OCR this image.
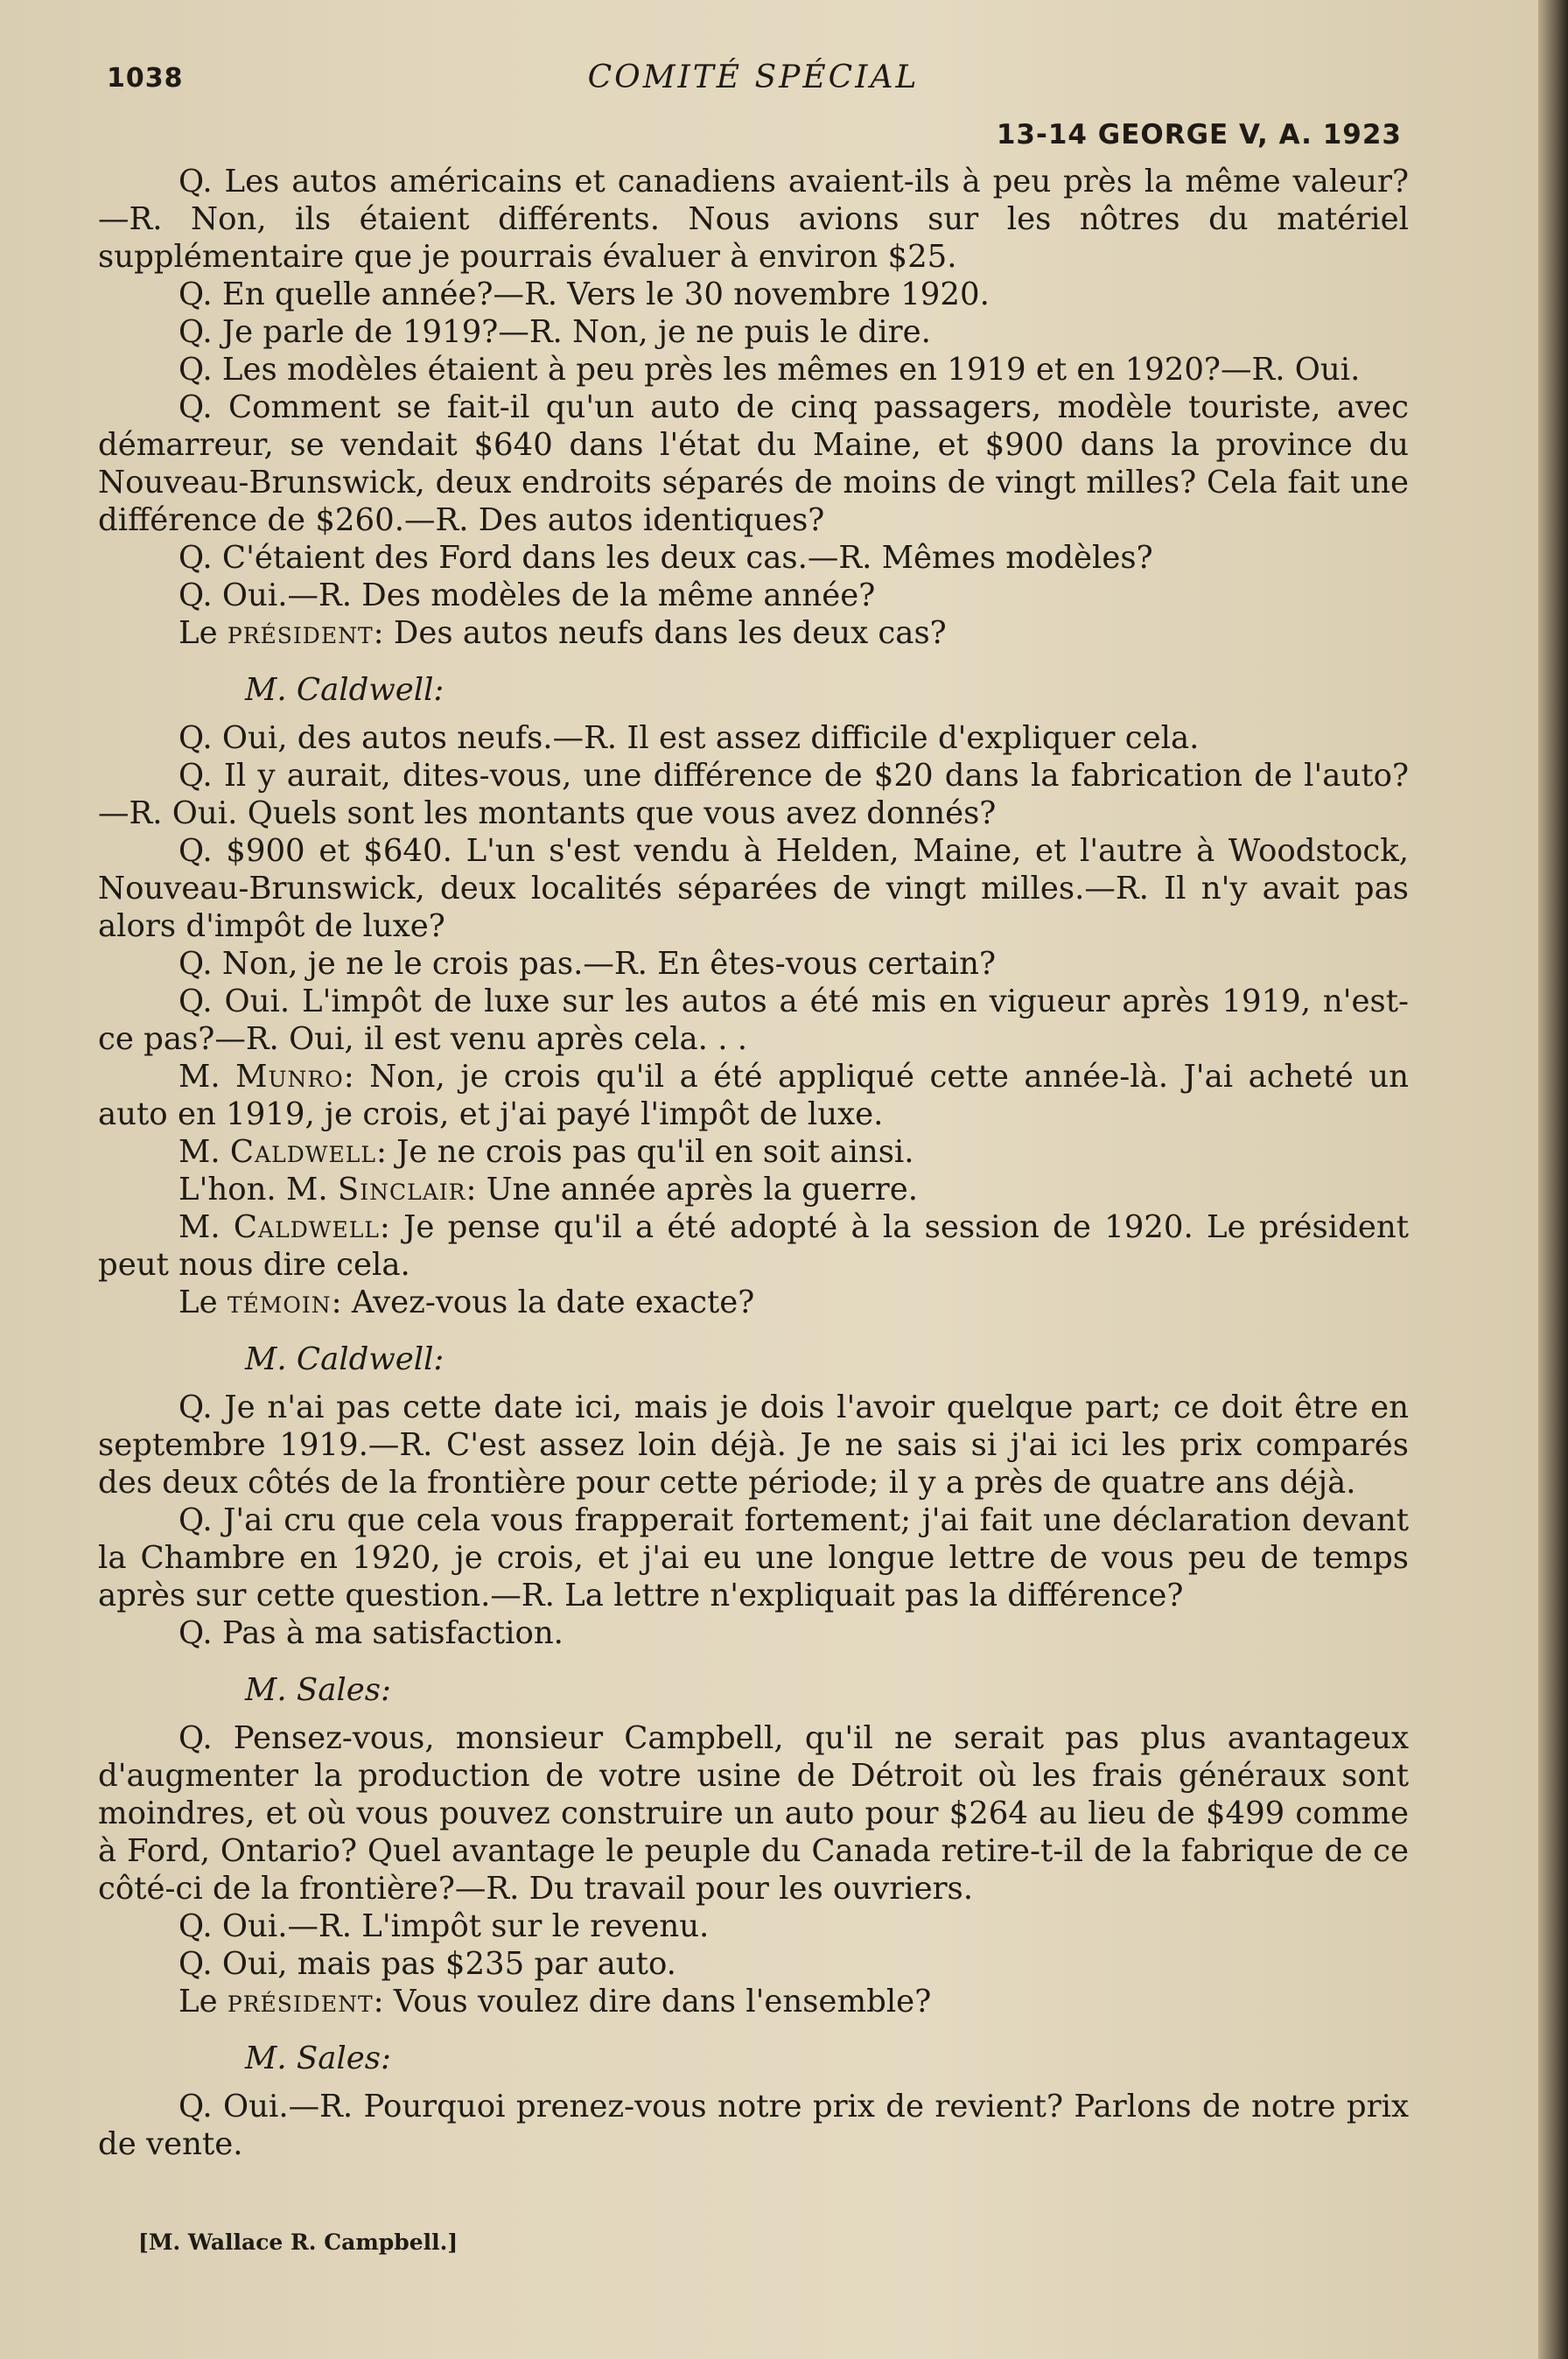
1038	COMITÉ SPÉCIAL
13-14 GEORGE V, A. 1923

Q. Les autos américains et canadiens avaient-ils à peu près la même valeur? —R. Non, ils étaient différents. Nous avions sur les nôtres du matériel supplémentaire que je pourrais évaluer à environ $25.

Q. En quelle année?—R. Vers le 30 novembre 1920.

Q. Je parle de 1919?—R. Non, je ne puis le dire.

Q. Les modèles étaient à peu près les mêmes en 1919 et en 1920?—R. Oui.

Q. Comment se fait-il qu'un auto de cinq passagers, modèle touriste, avec démarreur, se vendait $640 dans l'état du Maine, et $900 dans la province du Nouveau-Brunswick, deux endroits séparés de moins de vingt milles? Cela fait une différence de $260.—R. Des autos identiques?

Q. C'étaient des Ford dans les deux cas.—R. Mêmes modèles?

Q. Oui.—R. Des modèles de la même année?

Le président: Des autos neufs dans les deux cas?

M. Caldwell:

Q. Oui, des autos neufs.—R. Il est assez difficile d'expliquer cela.

Q. Il y aurait, dites-vous, une différence de $20 dans la fabrication de l'auto? —R. Oui. Quels sont les montants que vous avez donnés?

Q. $900 et $640. L'un s'est vendu à Helden, Maine, et l'autre à Woodstock, Nouveau-Brunswick, deux localités séparées de vingt milles.—R. Il n'y avait pas alors d'impôt de luxe?

Q. Non, je ne le crois pas.—R. En êtes-vous certain?

Q. Oui. L'impôt de luxe sur les autos a été mis en vigueur après 1919, n'est-ce pas?—R. Oui, il est venu après cela. . .

M. Munro: Non, je crois qu'il a été appliqué cette année-là. J'ai acheté un auto en 1919, je crois, et j'ai payé l'impôt de luxe.

M. Caldwell: Je ne crois pas qu'il en soit ainsi.

L'hon. M. Sinclair: Une année après la guerre.

M. Caldwell: Je pense qu'il a été adopté à la session de 1920. Le président peut nous dire cela.

Le témoin: Avez-vous la date exacte?

M. Caldwell:

Q. Je n'ai pas cette date ici, mais je dois l'avoir quelque part; ce doit être en septembre 1919.—R. C'est assez loin déjà. Je ne sais si j'ai ici les prix comparés des deux côtés de la frontière pour cette période; il y a près de quatre ans déjà.

Q. J'ai cru que cela vous frapperait fortement; j'ai fait une déclaration devant la Chambre en 1920, je crois, et j'ai eu une longue lettre de vous peu de temps après sur cette question.—R. La lettre n'expliquait pas la différence?

Q. Pas à ma satisfaction.

M. Sales:

Q. Pensez-vous, monsieur Campbell, qu'il ne serait pas plus avantageux d'augmenter la production de votre usine de Détroit où les frais généraux sont moindres, et où vous pouvez construire un auto pour $264 au lieu de $499 comme à Ford, Ontario? Quel avantage le peuple du Canada retire-t-il de la fabrique de ce côté-ci de la frontière?—R. Du travail pour les ouvriers.

Q. Oui.—R. L'impôt sur le revenu.

Q. Oui, mais pas $235 par auto.

Le président: Vous voulez dire dans l'ensemble?

M. Sales:

Q. Oui.—R. Pourquoi prenez-vous notre prix de revient? Parlons de notre prix de vente.

[M. Wallace R. Campbell.]
